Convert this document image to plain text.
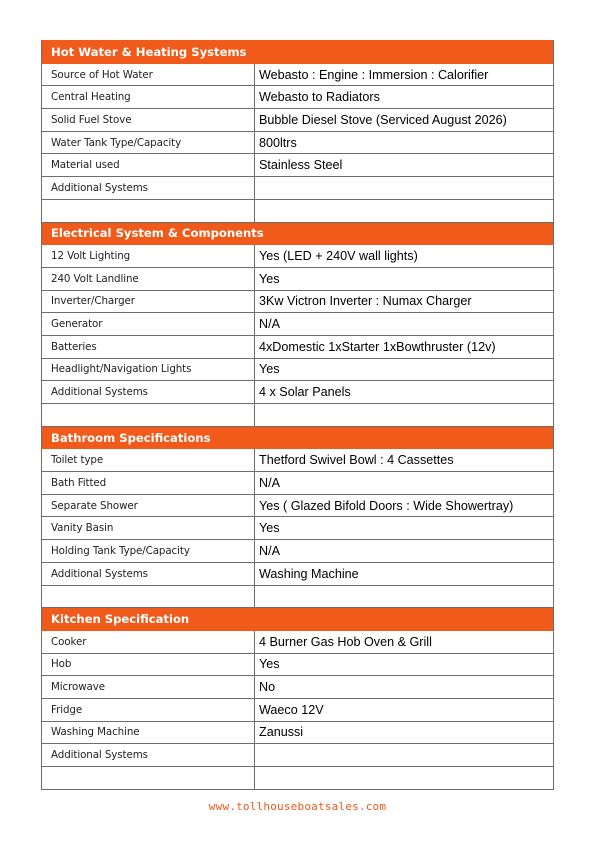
Hot Water & Heating Systems	
Source of Hot Water	Webasto : Engine : Immersion : Calorifier
Central Heating	Webasto to Radiators
Solid Fuel Stove	Bubble Diesel Stove (Serviced August 2026)
Water Tank Type/Capacity	800ltrs
Material used	Stainless Steel
Additional Systems	

Electrical System & Components	
12 Volt Lighting	Yes (LED + 240V wall lights)
240 Volt Landline	Yes
Inverter/Charger	3Kw Victron Inverter : Numax Charger
Generator	N/A
Batteries	4xDomestic 1xStarter 1xBowthruster (12v)
Headlight/Navigation Lights	Yes
Additional Systems	4 x Solar Panels

Bathroom Specifications	
Toilet type	Thetford Swivel Bowl : 4 Cassettes
Bath Fitted	N/A
Separate Shower	Yes ( Glazed Bifold Doors : Wide Showertray)
Vanity Basin	Yes
Holding Tank Type/Capacity	N/A
Additional Systems	Washing Machine

Kitchen Specification	
Cooker	4 Burner Gas Hob Oven & Grill
Hob	Yes
Microwave	No
Fridge	Waeco 12V
Washing Machine	Zanussi
Additional Systems	

www.tollhouseboatsales.com
